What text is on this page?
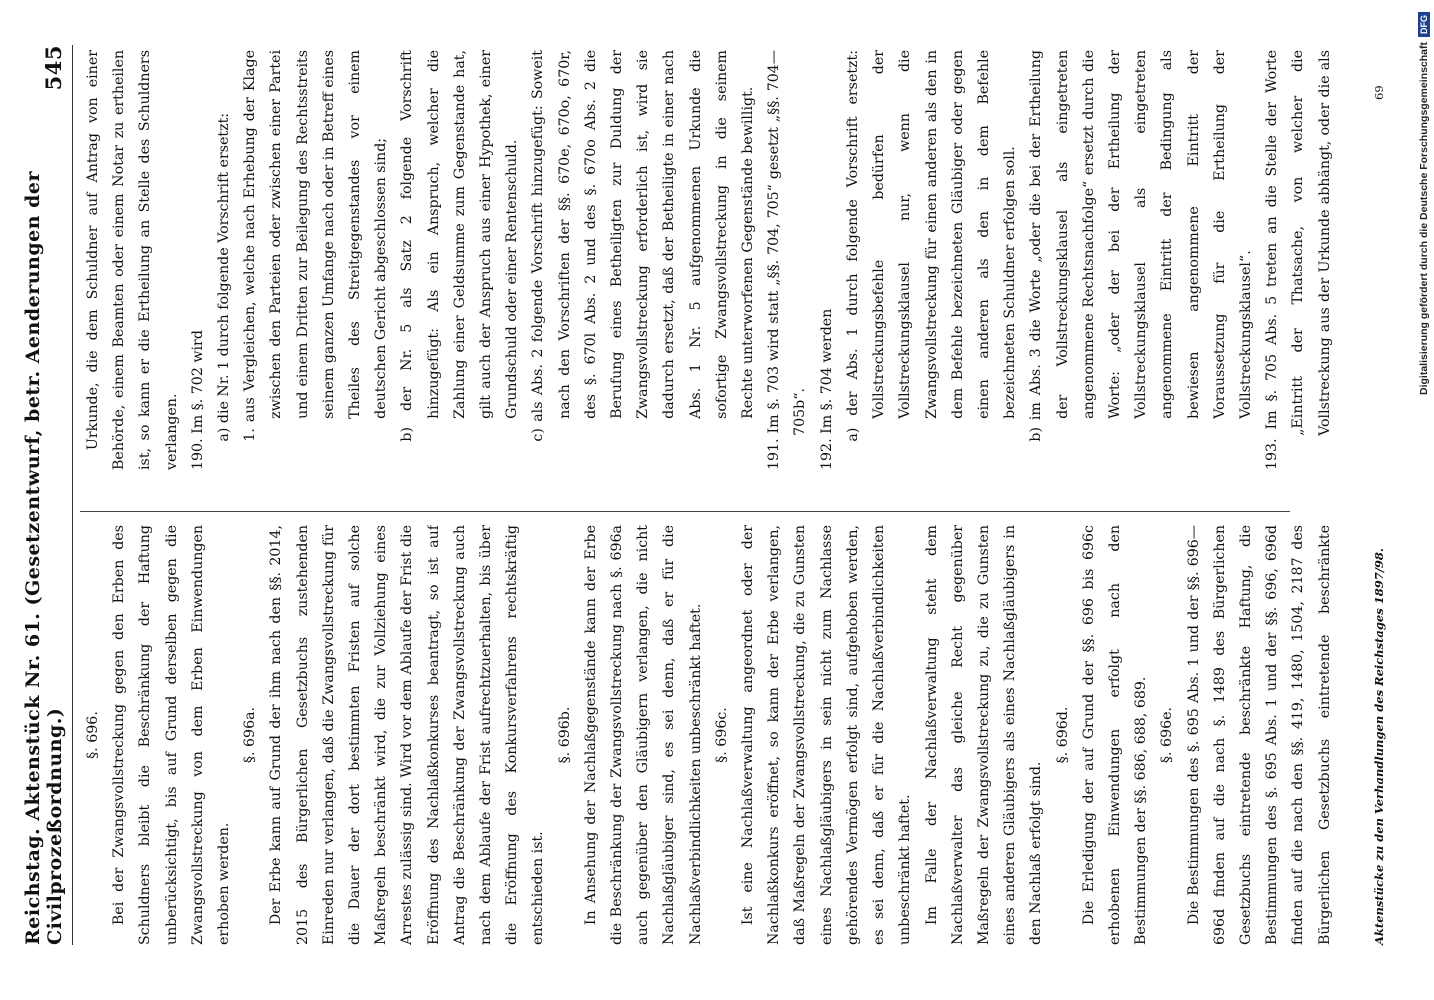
Reichstag. Aktenstück Nr. 61. (Gesetzentwurf, betr. Aenderungen der Civilprozeßordnung.)
545

§. 696. Bei der Zwangsvollstreckung gegen den Erben des Schuldners bleibt die Beschränkung der Haftung unberücksichtigt, bis auf Grund derselben gegen die Zwangsvollstreckung von dem Erben Einwendungen erhoben werden.

§. 696a. Der Erbe kann auf Grund der ihm nach den §§. 2014, 2015 des Bürgerlichen Gesetzbuchs zustehenden Einreden nur verlangen, daß die Zwangsvollstreckung für die Dauer der dort bestimmten Fristen auf solche Maßregeln beschränkt wird, die zur Vollziehung eines Arrestes zulässig sind. Wird vor dem Ablaufe der Frist die Eröffnung des Nachlaßkonkurses beantragt, so ist auf Antrag die Beschränkung der Zwangsvollstreckung auch nach dem Ablaufe der Frist aufrechtzuerhalten, bis über die Eröffnung des Konkursverfahrens rechtskräftig entschieden ist.

§. 696b. In Ansehung der Nachlaßgegenstände kann der Erbe die Beschränkung der Zwangsvollstreckung nach §. 696a auch gegenüber den Gläubigern verlangen, die nicht Nachlaßgläubiger sind, es sei denn, daß er für die Nachlaßverbindlichkeiten unbeschränkt haftet. §. 696c. Ist eine Nachlaßverwaltung angeordnet oder der Nachlaßkonkurs eröffnet, so kann der Erbe verlangen, daß Maßregeln der Zwangsvollstreckung, die zu Gunsten eines Nachlaßgläubigers in sein nicht zum Nachlasse gehörendes Vermögen erfolgt sind, aufgehoben werden, es sei denn, daß er für die Nachlaßverbindlichkeiten unbeschränkt haftet. Im Falle der Nachlaßverwaltung steht dem Nachlaßverwalter das gleiche Recht gegenüber Maßregeln der Zwangsvollstreckung zu, die zu Gunsten eines anderen Gläubigers als eines Nachlaßgläubigers in den Nachlaß erfolgt sind.

§. 696d. Die Erledigung der auf Grund der §§. 696 bis 696c erhobenen Einwendungen erfolgt nach den Bestimmungen der §§. 686, 688, 689. §. 696e.

Die Bestimmungen des §. 695 Abs. 1 und der §§. 696—696d finden auf die nach §. 1489 des Bürgerlichen Gesetzbuchs eintretende beschränkte Haftung, die Bestimmungen des §. 695 Abs. 1 und der §§. 696, 696d finden auf die nach den §§. 419, 1480, 1504, 2187 des Bürgerlichen Gesetzbuchs eintretende beschränkte

Urkunde, die dem Schuldner auf Antrag von einer Behörde, einem Beamten oder einem Notar zu ertheilen ist, so kann er die Ertheilung an Stelle des Schuldners verlangen. 190. Im §. 702 wird a) die Nr. 1 durch folgende Vorschrift ersetzt: 1. aus Vergleichen, welche nach Erhebung der Klage zwischen den Parteien oder zwischen einer Partei und einem Dritten zur Beilegung des Rechtsstreits seinem ganzen Umfange nach oder in Betreff eines Theiles des Streitgegenstandes vor einem deutschen Gericht abgeschlossen sind; b) der Nr. 5 als Satz 2 folgende Vorschrift hinzugefügt: Als ein Anspruch, welcher die Zahlung einer Geldsumme zum Gegenstande hat, gilt auch der Anspruch aus einer Hypothek, einer Grundschuld oder einer Rentenschuld. c) als Abs. 2 folgende Vorschrift hinzugefügt: Soweit nach den Vorschriften der §§. 670e, 670o, 670r, des §. 670l Abs. 2 und des §. 670o Abs. 2 die Berufung eines Betheiligten zur Duldung der Zwangsvollstreckung erforderlich ist, wird sie dadurch ersetzt, daß der Betheiligte in einer nach Abs. 1 Nr. 5 aufgenommenen Urkunde die sofortige Zwangsvollstreckung in die seinem Rechte unterworfenen Gegenstände bewilligt. 191. Im §. 703 wird statt „§§. 704, 705“ gesetzt „§§. 704—705b“. 192. Im §. 704 werden a) der Abs. 1 durch folgende Vorschrift ersetzt: Vollstreckungsbefehle bedürfen der Vollstreckungsklausel nur, wenn die Zwangsvollstreckung für einen anderen als den in dem Befehle bezeichneten Gläubiger oder gegen einen anderen als den in dem Befehle bezeichneten Schuldner erfolgen soll. b) im Abs. 3 die Worte „oder die bei der Ertheilung der Vollstreckungsklausel als eingetreten angenommene Rechtsnachfolge“ ersetzt durch die Worte: „oder der bei der Ertheilung der Vollstreckungsklausel als eingetreten angenommene Eintritt der Bedingung als bewiesen angenommene Eintritt der Voraussetzung für die Ertheilung der Vollstreckungsklausel“.

193. Im §. 705 Abs. 5 treten an die Stelle der Worte „Eintritt der Thatsache, von welcher die Vollstreckung aus der Urkunde abhängt, oder die als

Aktenstücke zu den Verhandlungen des Reichstages 1897/98.
69	Digitalisierung gefördert durch die Deutsche Forschungsgemeinschaft
DFG
